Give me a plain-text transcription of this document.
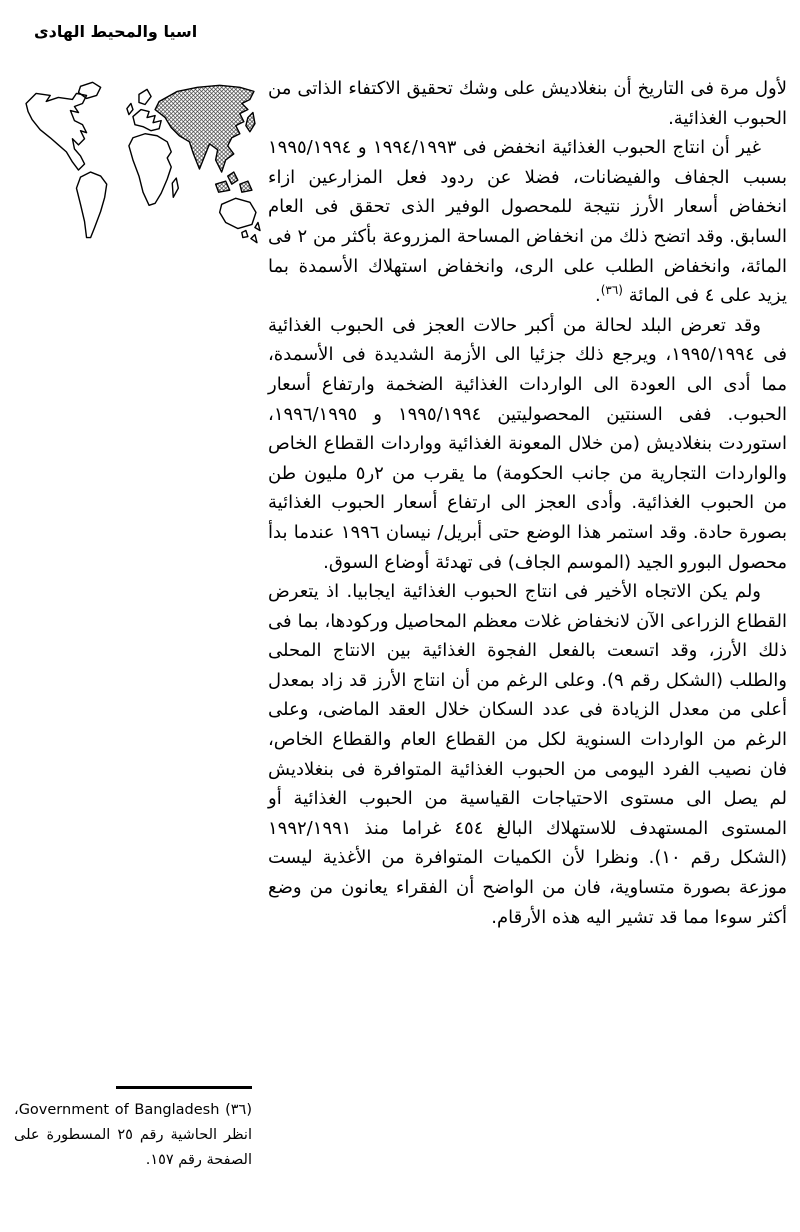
اسيا والمحيط الهادى

لأول مرة فى التاريخ أن بنغلاديش على وشك تحقيق الاكتفاء الذاتى من الحبوب الغذائية.

غير أن انتاج الحبوب الغذائية انخفض فى ١٩٩٤/١٩٩٣ و ١٩٩٥/١٩٩٤ بسبب الجفاف والفيضانات، فضلا عن ردود فعل المزارعين ازاء انخفاض أسعار الأرز نتيجة للمحصول الوفير الذى تحقق فى العام السابق. وقد اتضح ذلك من انخفاض المساحة المزروعة بأكثر من ٢ فى المائة، وانخفاض الطلب على الرى، وانخفاض استهلاك الأسمدة بما يزيد على ٤ فى المائة $^{(٣٦)}$.

وقد تعرض البلد لحالة من أكبر حالات العجز فى الحبوب الغذائية فى ١٩٩٥/١٩٩٤، ويرجع ذلك جزئيا الى الأزمة الشديدة فى الأسمدة، مما أدى الى العودة الى الواردات الغذائية الضخمة وارتفاع أسعار الحبوب. ففى السنتين المحصوليتين ١٩٩٥/١٩٩٤ و ١٩٩٦/١٩٩٥، استوردت بنغلاديش (من خلال المعونة الغذائية وواردات القطاع الخاص والواردات التجارية من جانب الحكومة) ما يقرب من ٢ر٥ مليون طن من الحبوب الغذائية. وأدى العجز الى ارتفاع أسعار الحبوب الغذائية بصورة حادة. وقد استمر هذا الوضع حتى أبريل/ نيسان ١٩٩٦ عندما بدأ محصول البورو الجيد (الموسم الجاف) فى تهدئة أوضاع السوق.

ولم يكن الاتجاه الأخير فى انتاج الحبوب الغذائية ايجابيا. اذ يتعرض القطاع الزراعى الآن لانخفاض غلات معظم المحاصيل وركودها، بما فى ذلك الأرز، وقد اتسعت بالفعل الفجوة الغذائية بين الانتاج المحلى والطلب (الشكل رقم ٩). وعلى الرغم من أن انتاج الأرز قد زاد بمعدل أعلى من معدل الزيادة فى عدد السكان خلال العقد الماضى، وعلى الرغم من الواردات السنوية لكل من القطاع العام والقطاع الخاص، فان نصيب الفرد اليومى من الحبوب الغذائية المتوافرة فى بنغلاديش لم يصل الى مستوى الاحتياجات القياسية من الحبوب الغذائية أو المستوى المستهدف للاستهلاك البالغ ٤٥٤ غراما منذ ١٩٩٢/١٩٩١ (الشكل رقم ١٠). ونظرا لأن الكميات المتوافرة من الأغذية ليست موزعة بصورة متساوية، فان من الواضح أن الفقراء يعانون من وضع أكثر سوءا مما قد تشير اليه هذه الأرقام.

(٣٦) Government of Bangladesh، انظر الحاشية رقم ٢٥ المسطورة على الصفحة رقم ١٥٧.
